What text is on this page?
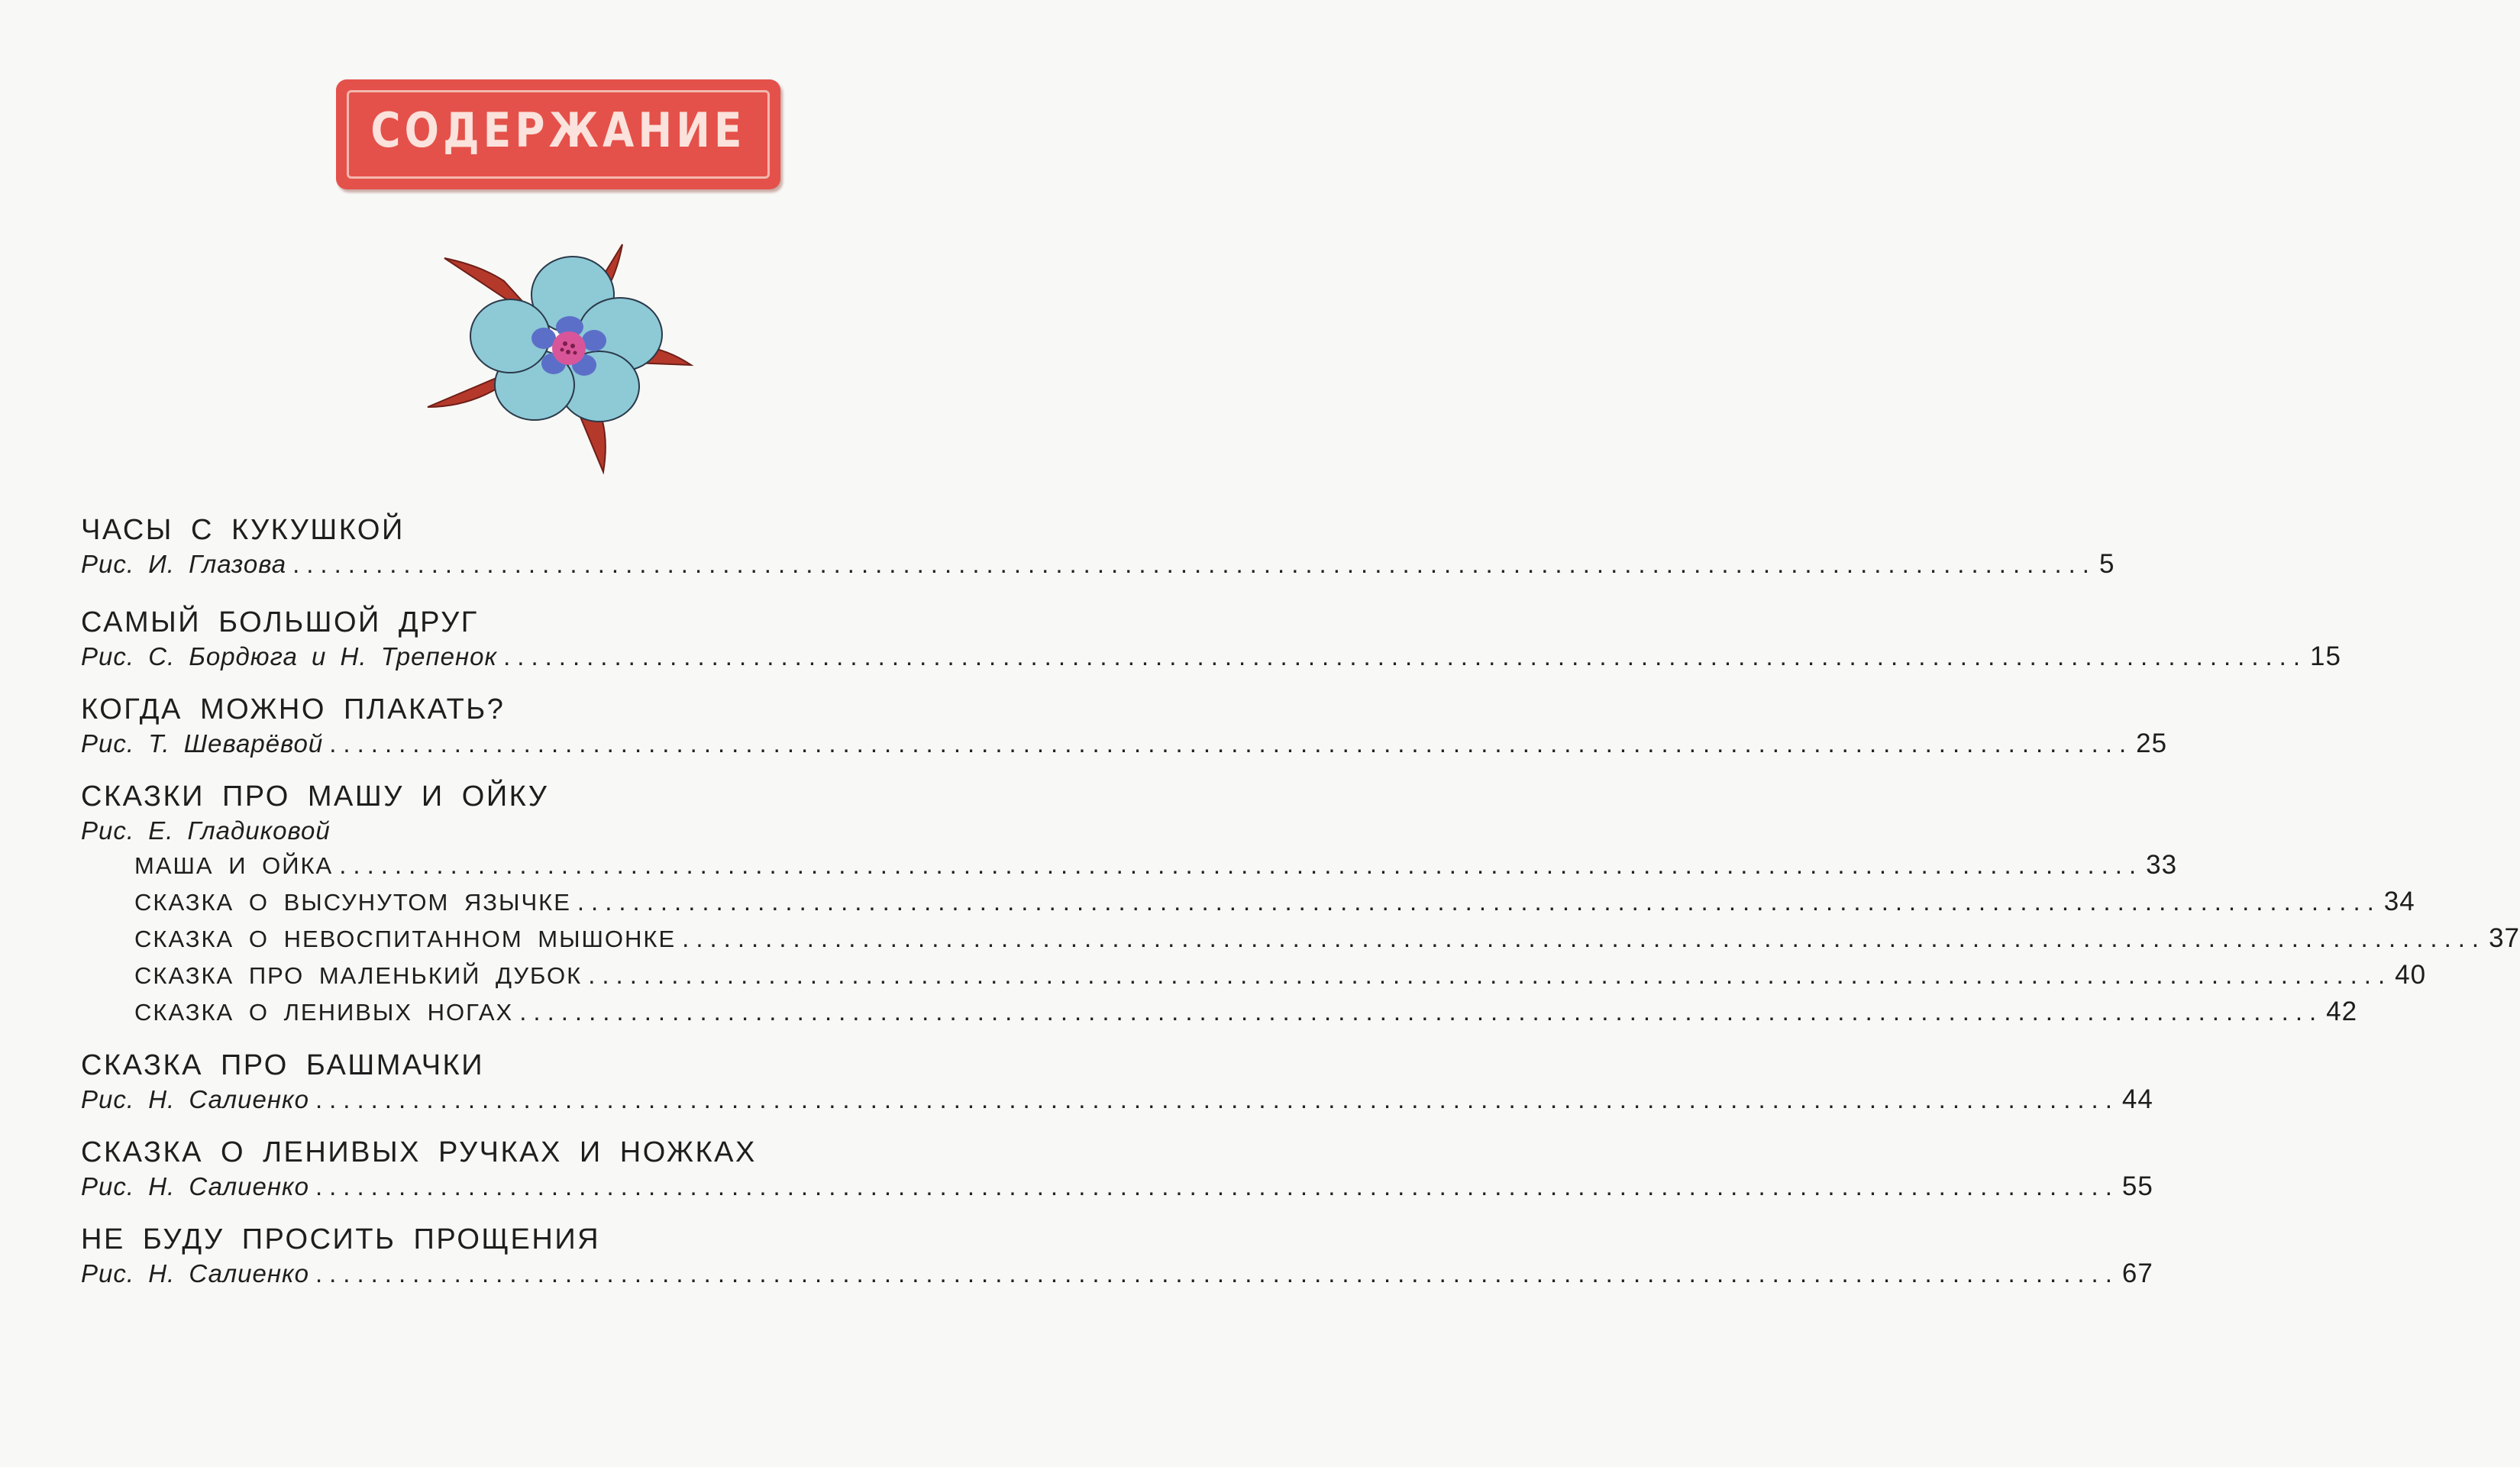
СОДЕРЖАНИЕ
ЧАСЫ С КУКУШКОЙ
Рис. И. Глазова .................................................................................................................................. 5
САМЫЙ БОЛЬШОЙ ДРУГ
Рис. С. Бордюга и Н. Трепенок .................................................................................................................................. 15
КОГДА МОЖНО ПЛАКАТЬ?
Рис. Т. Шеварёвой .................................................................................................................................. 25
СКАЗКИ ПРО МАШУ И ОЙКУ
Рис. Е. Гладиковой
МАША И ОЙКА .................................................................................................................................. 33
СКАЗКА О ВЫСУНУТОМ ЯЗЫЧКЕ .................................................................................................................................. 34
СКАЗКА О НЕВОСПИТАННОМ МЫШОНКЕ .................................................................................................................................. 37
СКАЗКА ПРО МАЛЕНЬКИЙ ДУБОК .................................................................................................................................. 40
СКАЗКА О ЛЕНИВЫХ НОГАХ .................................................................................................................................. 42
СКАЗКА ПРО БАШМАЧКИ
Рис. Н. Салиенко .................................................................................................................................. 44
СКАЗКА О ЛЕНИВЫХ РУЧКАХ И НОЖКАХ
Рис. Н. Салиенко .................................................................................................................................. 55
НЕ БУДУ ПРОСИТЬ ПРОЩЕНИЯ
Рис. Н. Салиенко .................................................................................................................................. 67
